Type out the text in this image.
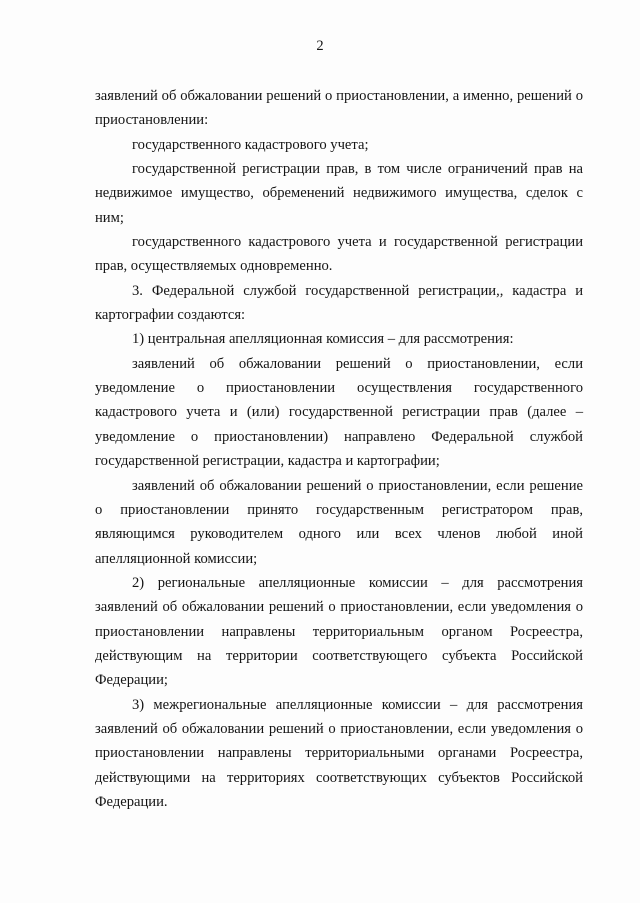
2

заявлений об обжаловании решений о приостановлении, а именно, решений о приостановлении:

государственного кадастрового учета;

государственной регистрации прав, в том числе ограничений прав на недвижимое имущество, обременений недвижимого имущества, сделок с ним;

государственного кадастрового учета и государственной регистрации прав, осуществляемых одновременно.

3. Федеральной службой государственной регистрации,, кадастра и картографии создаются:

1) центральная апелляционная комиссия – для рассмотрения:

заявлений об обжаловании решений о приостановлении, если уведомление о приостановлении осуществления государственного кадастрового учета и (или) государственной регистрации прав (далее – уведомление о приостановлении) направлено Федеральной службой государственной регистрации, кадастра и картографии;

заявлений об обжаловании решений о приостановлении, если решение о приостановлении принято государственным регистратором прав, являющимся руководителем одного или всех членов любой иной апелляционной комиссии;

2) региональные апелляционные комиссии – для рассмотрения заявлений об обжаловании решений о приостановлении, если уведомления о приостановлении направлены территориальным органом Росреестра, действующим на территории соответствующего субъекта Российской Федерации;

3) межрегиональные апелляционные комиссии – для рассмотрения заявлений об обжаловании решений о приостановлении, если уведомления о приостановлении направлены территориальными органами Росреестра, действующими на территориях соответствующих субъектов Российской Федерации.
